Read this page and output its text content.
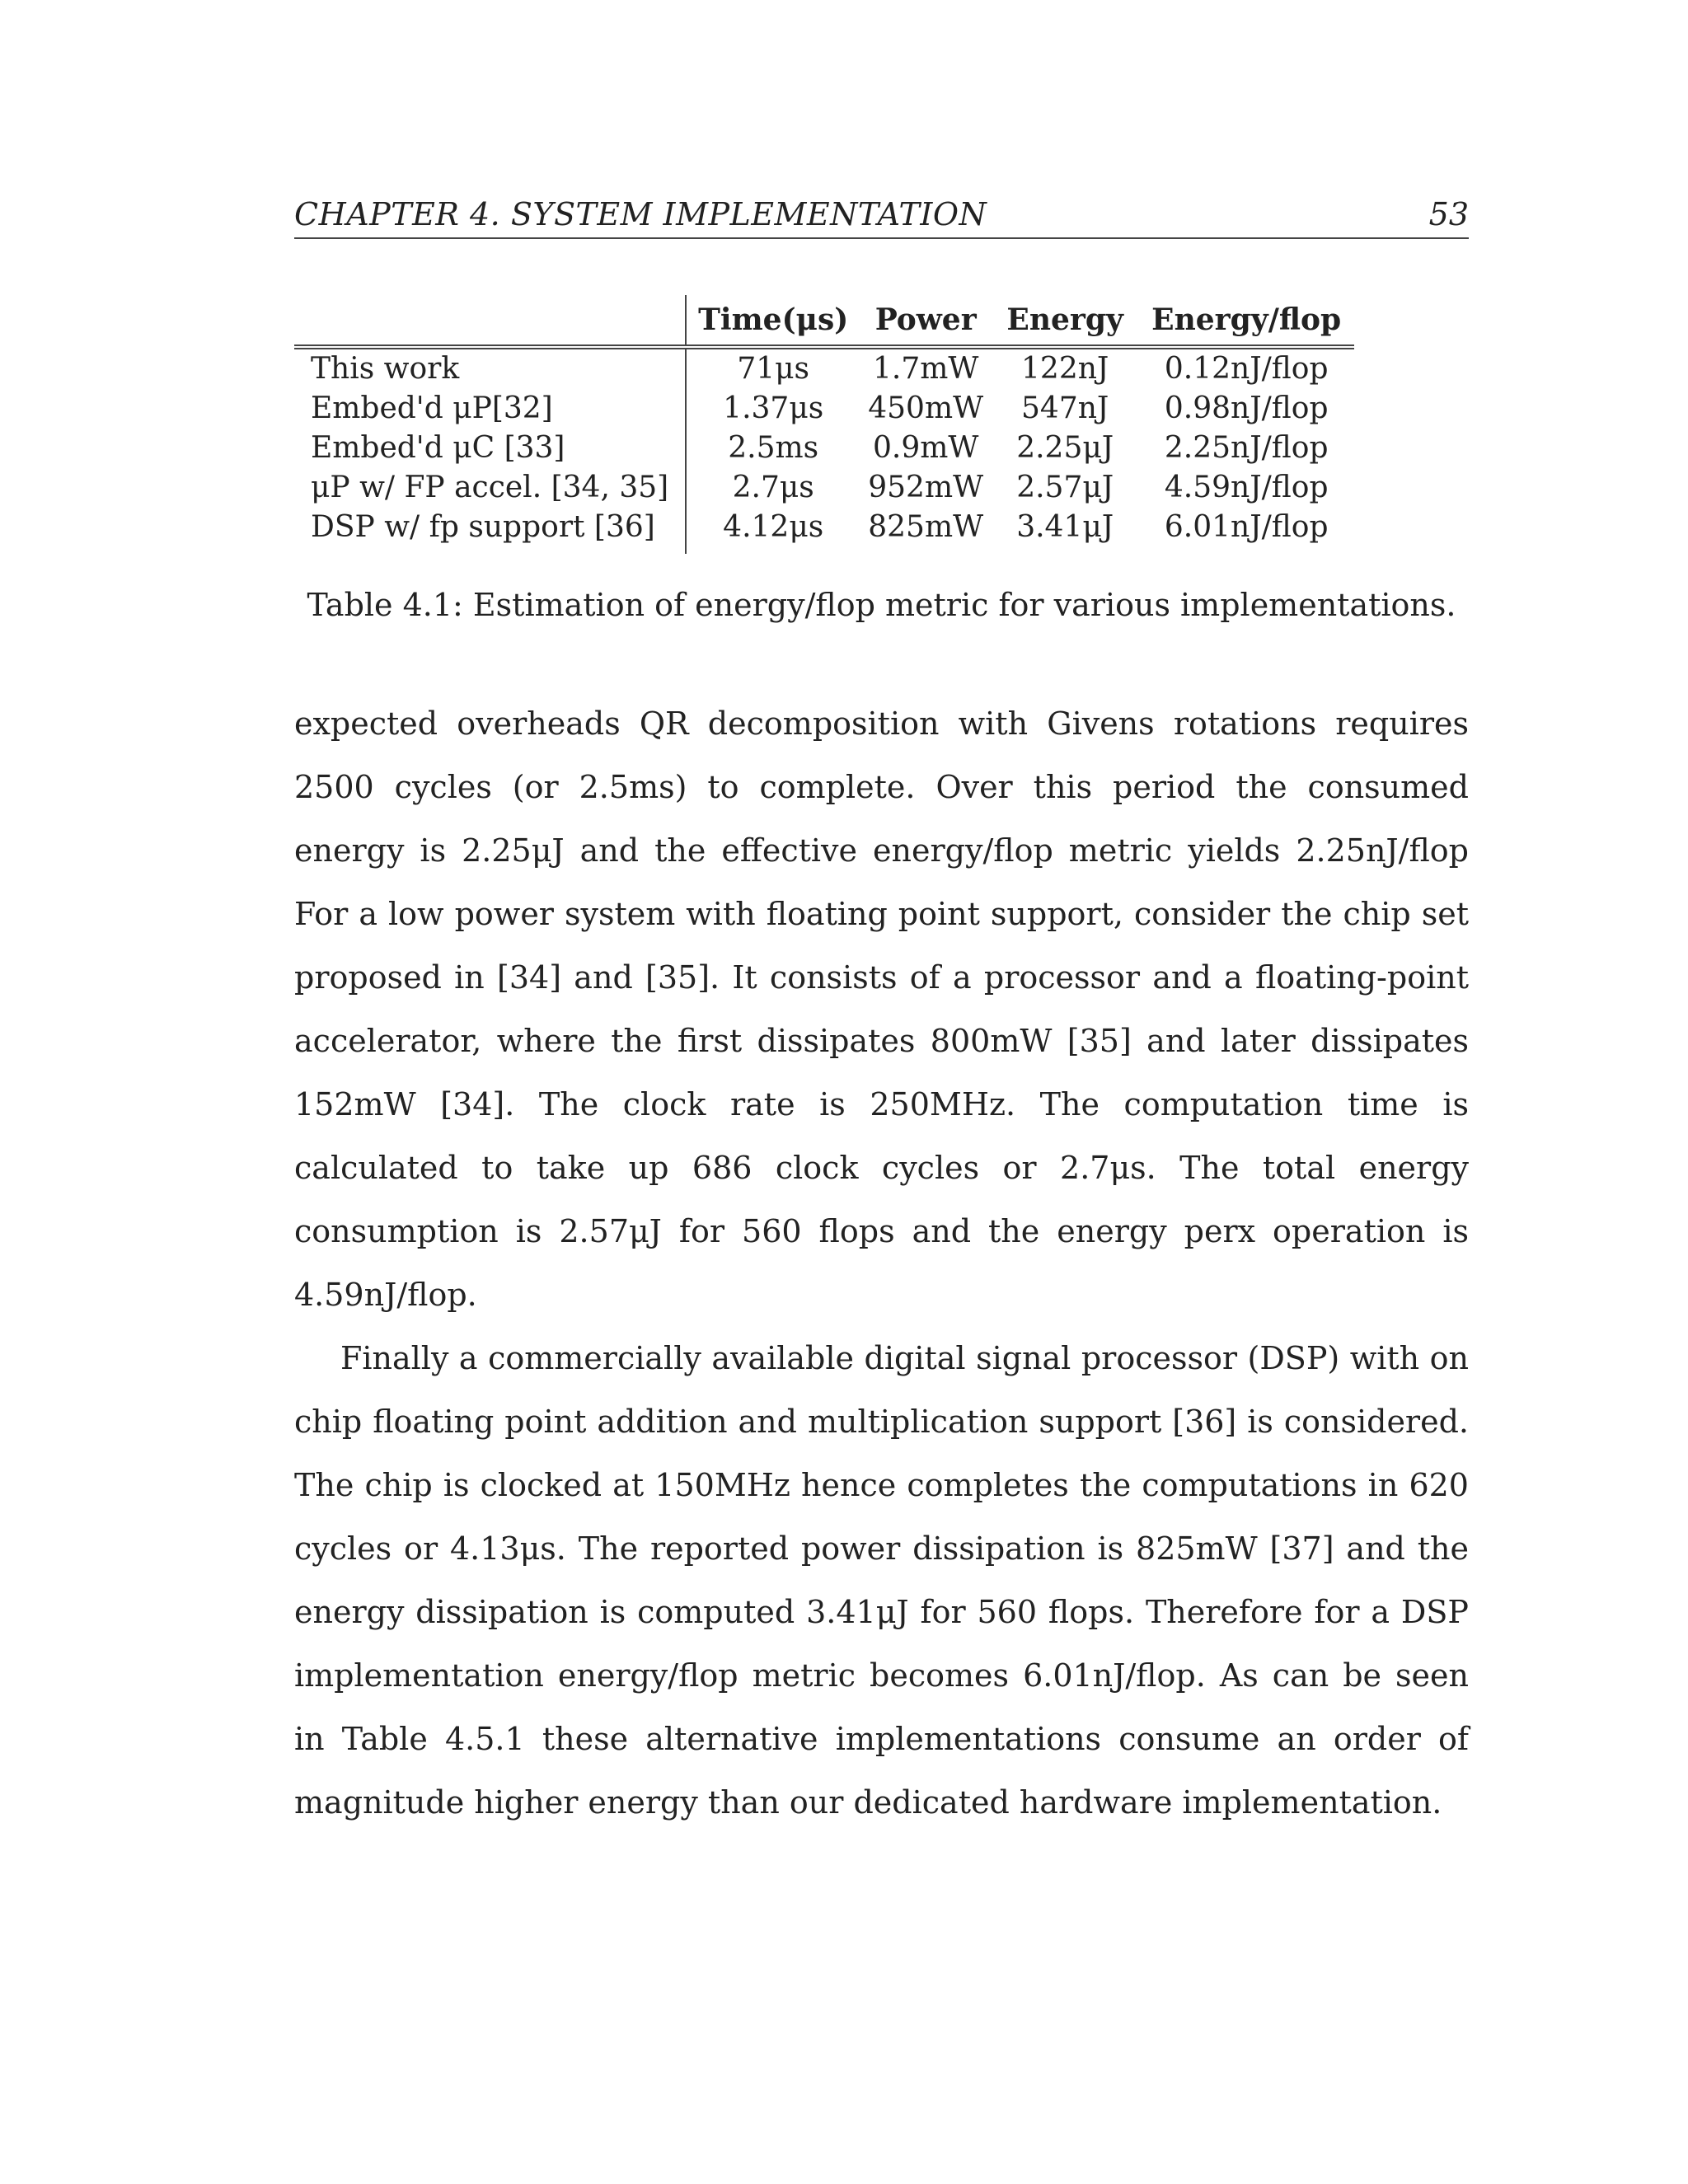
CHAPTER 4. SYSTEM IMPLEMENTATION	53
	Time(μs)	Power	Energy	Energy/flop
This work	71μs	1.7mW	122nJ	0.12nJ/flop
Embed'd μP[32]	1.37μs	450mW	547nJ	0.98nJ/flop
Embed'd μC [33]	2.5ms	0.9mW	2.25μJ	2.25nJ/flop
μP w/ FP accel. [34, 35]	2.7μs	952mW	2.57μJ	4.59nJ/flop
DSP w/ fp support [36]	4.12μs	825mW	3.41μJ	6.01nJ/flop
Table 4.1: Estimation of energy/flop metric for various implementations.

expected overheads QR decomposition with Givens rotations requires 2500 cycles (or 2.5ms) to complete. Over this period the consumed energy is 2.25μJ and the effective energy/flop metric yields 2.25nJ/flop For a low power system with floating point support, consider the chip set proposed in [34] and [35]. It consists of a processor and a floating-point accelerator, where the first dissipates 800mW [35] and later dissipates 152mW [34]. The clock rate is 250MHz. The computation time is calculated to take up 686 clock cycles or 2.7μs. The total energy consumption is 2.57μJ for 560 flops and the energy perx operation is 4.59nJ/flop.

Finally a commercially available digital signal processor (DSP) with on chip floating point addition and multiplication support [36] is considered. The chip is clocked at 150MHz hence completes the computations in 620 cycles or 4.13μs. The reported power dissipation is 825mW [37] and the energy dissipation is computed 3.41μJ for 560 flops. Therefore for a DSP implementation energy/flop metric becomes 6.01nJ/flop. As can be seen in Table 4.5.1 these alternative implementations consume an order of magnitude higher energy than our dedicated hardware implementation.
